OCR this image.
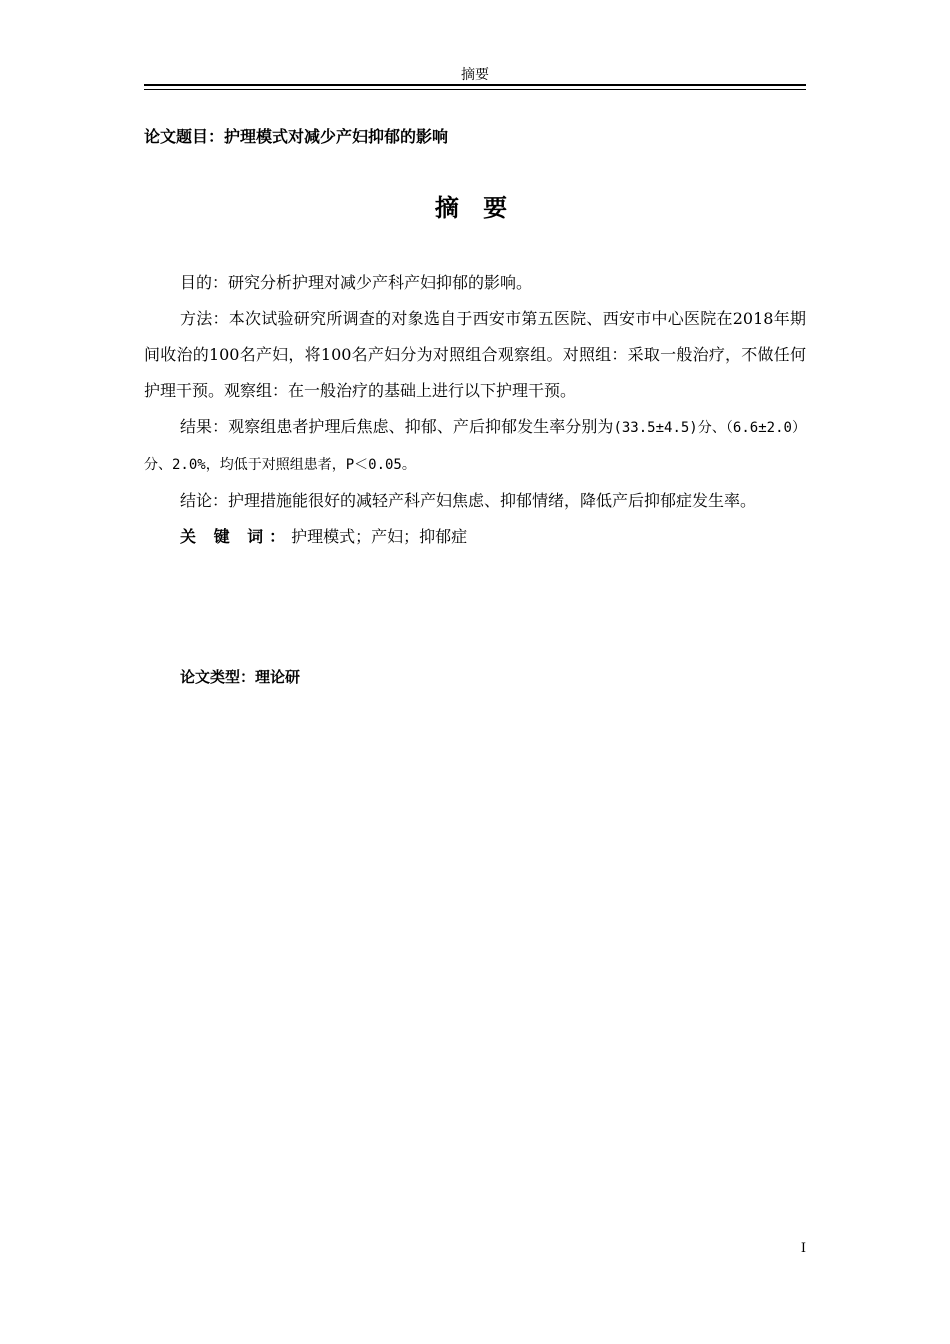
摘要
论文题目：护理模式对减少产妇抑郁的影响
摘 要

目的：研究分析护理对减少产科产妇抑郁的影响。

方法：本次试验研究所调查的对象选自于西安市第五医院、西安市中心医院在2018年期间收治的100名产妇，将100名产妇分为对照组合观察组。对照组：采取一般治疗，不做任何护理干预。观察组：在一般治疗的基础上进行以下护理干预。

结果：观察组患者护理后焦虑、抑郁、产后抑郁发生率分别为(33.5±4.5)分、（6.6±2.0）分、2.0%，均低于对照组患者，P＜0.05。

结论：护理措施能很好的减轻产科产妇焦虑、抑郁情绪，降低产后抑郁症发生率。

关 键 词：护理模式；产妇；抑郁症

论文类型：理论研
I
